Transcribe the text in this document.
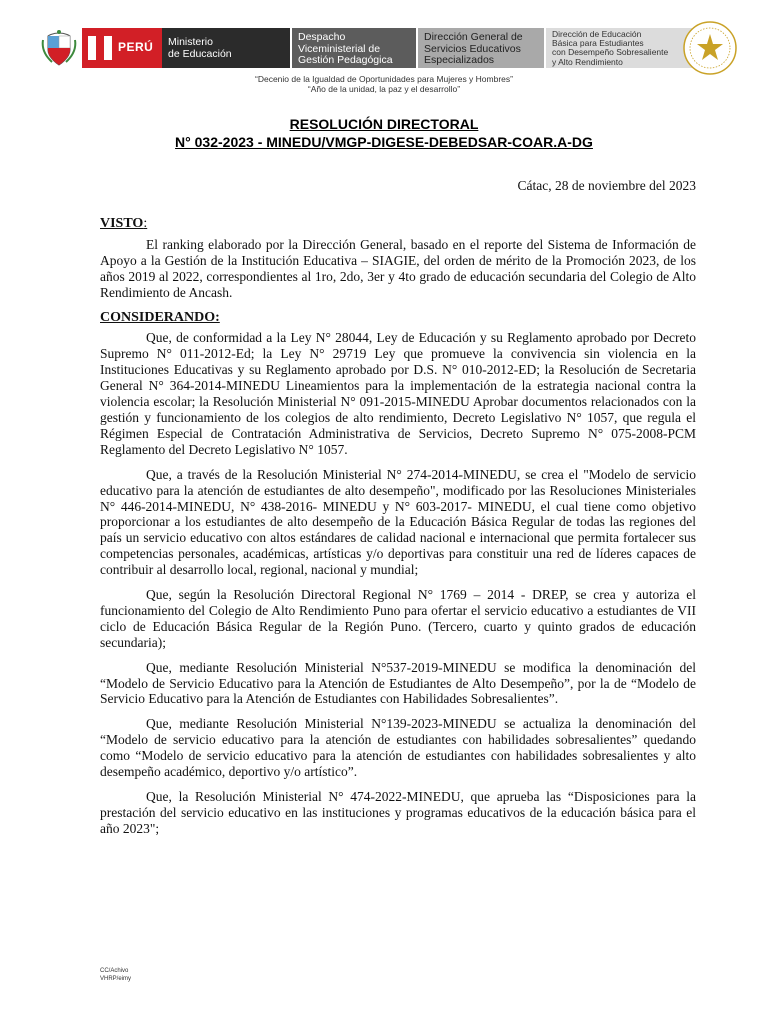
PERÚ Ministerio
de Educación
Despacho
Viceministerial de
Gestión Pedagógica
Dirección General de
Servicios Educativos
Especializados
Dirección de Educación
Básica para Estudiantes
con Desempeño Sobresaliente
y Alto Rendimiento
“Decenio de la Igualdad de Oportunidades para Mujeres y Hombres”
“Año de la unidad, la paz y el desarrollo”
RESOLUCIÓN DIRECTORAL
N° 032-2023 - MINEDU/VMGP-DIGESE-DEBEDSAR-COAR.A-DG
Cátac, 28 de noviembre del 2023

VISTO:

El ranking elaborado por la Dirección General, basado en el reporte del Sistema de Información de Apoyo a la Gestión de la Institución Educativa – SIAGIE, del orden de mérito de la Promoción 2023, de los años 2019 al 2022, correspondientes al 1ro, 2do, 3er y 4to grado de educación secundaria del Colegio de Alto Rendimiento de Ancash.

CONSIDERANDO:

Que, de conformidad a la Ley N° 28044, Ley de Educación y su Reglamento aprobado por Decreto Supremo N° 011-2012-Ed; la Ley N° 29719 Ley que promueve la convivencia sin violencia en la Instituciones Educativas y su Reglamento aprobado por D.S. N° 010-2012-ED; la Resolución de Secretaria General N° 364-2014-MINEDU Lineamientos para la implementación de la estrategia nacional contra la violencia escolar; la Resolución Ministerial N° 091-2015-MINEDU Aprobar documentos relacionados con la gestión y funcionamiento de los colegios de alto rendimiento, Decreto Legislativo N° 1057, que regula el Régimen Especial de Contratación Administrativa de Servicios, Decreto Supremo N° 075-2008-PCM Reglamento del Decreto Legislativo N° 1057.

Que, a través de la Resolución Ministerial N° 274-2014-MINEDU, se crea el "Modelo de servicio educativo para la atención de estudiantes de alto desempeño", modificado por las Resoluciones Ministeriales N° 446-2014-MINEDU, N° 438-2016- MINEDU y N° 603-2017- MINEDU, el cual tiene como objetivo proporcionar a los estudiantes de alto desempeño de la Educación Básica Regular de todas las regiones del país un servicio educativo con altos estándares de calidad nacional e internacional que permita fortalecer sus competencias personales, académicas, artísticas y/o deportivas para constituir una red de líderes capaces de contribuir al desarrollo local, regional, nacional y mundial;

Que, según la Resolución Directoral Regional N° 1769 – 2014 - DREP, se crea y autoriza el funcionamiento del Colegio de Alto Rendimiento Puno para ofertar el servicio educativo a estudiantes de VII ciclo de Educación Básica Regular de la Región Puno. (Tercero, cuarto y quinto grados de educación secundaria);

Que, mediante Resolución Ministerial N°537-2019-MINEDU se modifica la denominación del “Modelo de Servicio Educativo para la Atención de Estudiantes de Alto Desempeño”, por la de “Modelo de Servicio Educativo para la Atención de Estudiantes con Habilidades Sobresalientes”.

Que, mediante Resolución Ministerial N°139-2023-MINEDU se actualiza la denominación del “Modelo de servicio educativo para la atención de estudiantes con habilidades sobresalientes” quedando como “Modelo de servicio educativo para la atención de estudiantes con habilidades sobresalientes y alto desempeño académico, deportivo y/o artístico”.

Que, la Resolución Ministerial N° 474-2022-MINEDU, que aprueba las “Disposiciones para la prestación del servicio educativo en las instituciones y programas educativos de la educación básica para el año 2023";

CC/Achivo
VHRP/eimy
